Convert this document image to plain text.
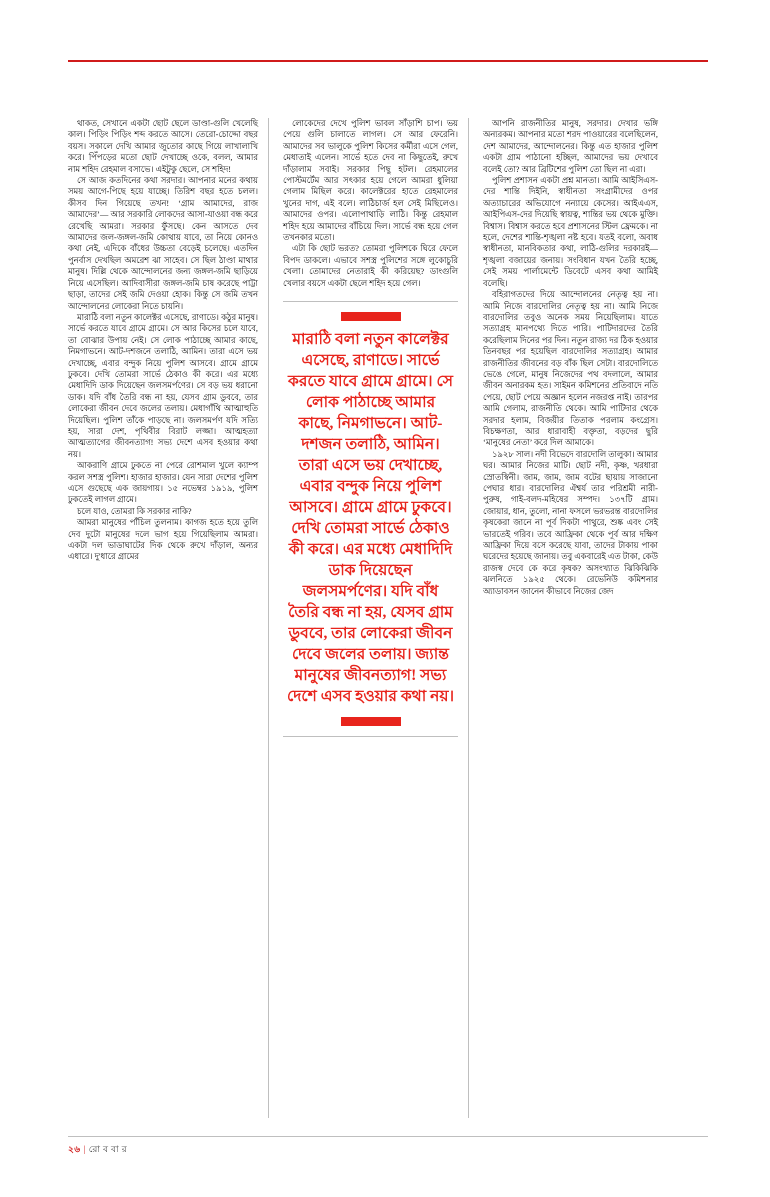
থাকত, সেখানে একটা ছোট ছেলে ডাণ্ডা-গুলি খেলেছি কাল। পিড়িং পিড়িং শব্দ করতে আসে। তেরো-চোদ্দো বছর বয়স। সকালে দেখি আমার জুতোর কাছে গিয়ে লাখালাখি করে। পিঁপড়ের মতো ছোট দেখাচ্ছে ওকে, বলল, আমার নাম শহিদ রেহমাল বসাভে। এইটুকু ছেলে, সে শহিদ!

সে আজ কতদিনের কথা সরদার। আপনার মনের কথায় সময় আগে-পিছে হয়ে যাচ্ছে। তিরিশ বছর হতে চলল। কীসব দিন গিয়েছে তখন! ‘গ্রাম আমাদের, রাজ আমাদের’— আর সরকারি লোকদের আসা-যাওয়া বন্ধ করে রেখেছি আমরা। সরকার ফুঁসছে। কেন আসতে দেব আমাদের জল-জঙ্গল-জমি কোথায় যাবে, তা নিয়ে কোনও কথা নেই, এদিকে বাঁধের উচ্চতা বেড়েই চলেছে। এতদিন পুনর্বাস দেখছিল অমরেশ ঝা সাহেব। সে ছিল ঠাণ্ডা মাথার মানুষ। দিল্লি থেকে আন্দোলনের জন্য জঙ্গল-জমি ছাড়িয়ে নিয়ে এসেছিল। আদিবাসীরা জঙ্গল-জমি চাষ করেছে পাট্টা ছাড়া, তাদের সেই জমি দেওয়া হোক। কিন্তু সে জমি তখন আন্দোলনের লোকেরা নিতে চায়নি।

মারাঠি বলা নতুন কালেক্টর এসেছে, রাণাডে। কঠুর মানুষ। সার্ভে করতে যাবে গ্রামে গ্রামে। সে আর কিসের চলে যাবে, তা বোঝার উপায় নেই। সে লোক পাঠাচ্ছে আমার কাছে, নিমগাভনে। আট-দশজনে তলাঠি, আমিন। তারা এসে ভয় দেখাচ্ছে, এবার বন্দুক নিয়ে পুলিশ আসবে। গ্রামে গ্রামে ঢুকবে। দেখি তোমরা সার্ভে ঠেকাও কী করে। এর মধ্যে মেধাদিদি ডাক দিয়েছেন জলসমর্পণের। সে বড় ভয় ধরানো ডাক। যদি বাঁধ তৈরি বন্ধ না হয়, যেসব গ্রাম ডুববে, তার লোকেরা জীবন দেবে জলের তলায়। মেধাগাঁথি আত্মাহুতি দিয়েছিল। পুলিশ তাঁকে পাড়ছে না। জলসমর্পণ যদি সত্যি হয়, সারা দেশ, পৃথিবীর বিরাট লজ্জা। আত্মহত্যা আত্মত্যাগের জীবনত্যাগ! সভ্য দেশে এসব হওয়ার কথা নয়।

আকরাণি গ্রামে ঢুকতে না পেরে রোশমাল খুলে ক্যাম্প করল সশস্ত্র পুলিশ। হাজার হাজার। যেন সারা দেশের পুলিশ এসে গুছেছে এক জায়গায়। ১৫ নভেম্বর ১৯১৯, পুলিশ ঢুকতেই লাগল গ্রামে।

চলে যাও, তোমরা কি সরকার নাকি?

আমরা মানুষের পাঁচিল তুলনাম। কাগজ হতে হয়ে তুলি দেব দুটো মানুষের দলে ভাগ হয়ে গিয়েছিলাম আমরা। একটা দল ভাডাঘাটের দিক থেকে রুখে দাঁড়াল, অন্যর এধারে। দু'ধারে গ্রামের

লোকেদের দেখে পুলিশ ভাবল সাঁড়াশি চাপ। ভয় পেয়ে গুলি চালাতে লাগল। সে আর ফেরেনি। আমাদের সব ভালুকে পুলিশ কিসের কর্মীরা এসে গেল, মেধাতাই এলেন। সার্ভে হতে দেব না কিছুতেই, রুখে দাঁড়ালাম সবাই। সরকার পিছু হটল। রেহমালের পোস্টমর্টেম আর সৎকার হয়ে গেলে আমরা ধুলিয়া গেলাম মিছিল করে। কালেক্টরের হাতে রেহমালের খুনের দাগ, এই বলে। লাঠিচার্জ হল সেই মিছিলেও। আমাদের ওপর। এলোপাথাড়ি লাঠি। কিন্তু রেহমাল শহিদ হয়ে আমাদের বাঁচিয়ে দিল। সার্ভে বন্ধ হয়ে গেল তখনকার মতো।

এটা কি ছোট ভরত? তোমরা পুলিশকে ঘিরে ফেলে বিপদ ডাকলে। এভাবে সশস্ত্র পুলিশের সঙ্গে লুকোচুরি খেলা। তোমাদের নেতারাই কী করিয়েছ? ডাংগুলি খেলার বয়সে একটা ছেলে শহিদ হয়ে গেল।

মারাঠি বলা নতুন কালেক্টর এসেছে, রাণাডে। সার্ভে করতে যাবে গ্রামে গ্রামে। সে লোক পাঠাচ্ছে আমার কাছে, নিমগাভনে। আট-দশজন তলাঠি, আমিন। তারা এসে ভয় দেখাচ্ছে, এবার বন্দুক নিয়ে পুলিশ আসবে। গ্রামে গ্রামে ঢুকবে। দেখি তোমরা সার্ভে ঠেকাও কী করে। এর মধ্যে মেধাদিদি ডাক দিয়েছেন জলসমর্পণের। যদি বাঁধ তৈরি বন্ধ না হয়, যেসব গ্রাম ডুববে, তার লোকেরা জীবন দেবে জলের তলায়। জ্যান্ত মানুষের জীবনত্যাগ! সভ্য দেশে এসব হওয়ার কথা নয়।

আপনি রাজনীতির মানুষ, সরদার। দেখার ভঙ্গি অন্যরকম। আপনার মতো শরদ পাওয়ারের বলেছিলেন, দেশ আমাদের, আন্দোলনের। কিন্তু এত হাজার পুলিশ একটা গ্রাম পাঠানো হচ্ছিল, আমাদের ভয় দেখাবে বলেই তো? আর ব্রিটিশের পুলিশ তো ছিল না এরা।

পুলিশ প্রশাসন একটা প্রশ্ন মানতা। আমি আইসিএস-দের শান্তি দিইনি, স্বাধীনতা সংগ্রামীদের ওপর অত্যাচারের অভিযোগে নন্যায়ে কেসের। আইএএস, আইপিএস-দের দিয়েছি স্বায়ত্ব, শান্তির ভয় থেকে মুক্তি। বিশ্বাস। বিশ্বাস করতে হবে প্রশাসনের স্টিল ফ্রেমকে। না হলে, দেশের শান্তি-শৃঙ্খলা নষ্ট হবে। যতই বলো, অবাধ স্বাধীনতা, মানবিকতার কথা, লাঠি-গুলির দরকারই—শৃঙ্খলা বজায়ের জনায়। সংবিধান যখন তৈরি হচ্ছে, সেই সময় পার্লামেন্টে ডিবেটে এসব কথা আমিই বলেছি।

বহিরাগতদের দিয়ে আন্দোলনের নেতৃত্ব হয় না। আমি নিজে বারদোলির নেতৃত্ব হয় না। আমি নিজে বারদোলির তবুও অনেক সময় নিয়েছিলাম। যাতে সত্যাগ্রহ মানপথ্যে দিতে পারি। পাটিদারদের তৈরি করেছিলাম দিনের পর দিন। নতুন রাজ্য দর ঠিক হওয়ার তিনবছর পর হয়েছিল বারদোলির সত্যাগ্রহ। আমার রাজনীতির জীবনের বড় বাঁক ছিল সেটা। বারদোলিতে ভেঙে গেলে, মানুষ নিজেদের পথ বদলালে, আমার জীবন অনারকম হত। সাইমন কমিশনের প্রতিবাদে নতি পেয়ে, ছোট পেয়ে অজ্ঞান হলেন নজরপ্ত নাই। তারপর আমি গেলাম, রাজনীতি থেকে। আমি পাটিদার থেকে সরদার হলাম, বিজয়ীর তিতাক পরলাম কংগ্রেস। বিচক্ষণতা, আর ধারাবাহী বক্তৃতা, বড়দের ছুরি ‘মানুষের নেতা’ করে দিল আমাকে।

১৯২৮ সাল। নদী বিভেদে বারদোলি তালুকা। আমার ঘর। আমার নিজের মাটি। ছোট নদী, কৃষ্ণ, খরধারা স্রোতস্বিনী। জাম, জাম, জাম বটের ছায়ায় সাজানো পেঘার ধার। বারদোলির ঐশ্বর্য তার পরিশ্রমী নারী-পুরুষ, গাই-বলদ-মহিষের সম্পদ। ১৩৭টি গ্রাম। জোয়ার, ধান, তুলো, নানা ফসলে ভরভরন্ত বারদোলির কৃষকেরা জানে না পূর্ব দিকটা পাথুরে, শুষ্ক এবং সেই ভারতেই গরিব। তবে আফ্রিকা থেকে পূর্ব আর দক্ষিণ আফ্রিকা দিয়ে বসে করেছে যাবা, তাদের টাকায় পাকা ঘরেদের হয়েছে জানায়। তবু একবারেই এত টাকা, কেউ রাজস্ব দেবে কে করে কৃষক? অসংখ্যাত ঝিকিঝিকি ঝলনিতে ১৯২৫ থেকে। রেভেনিউ কমিশনার অ্যাডাবসন জানেন কীভাবে নিজের জেদ

২৬ | রো ব বা র
